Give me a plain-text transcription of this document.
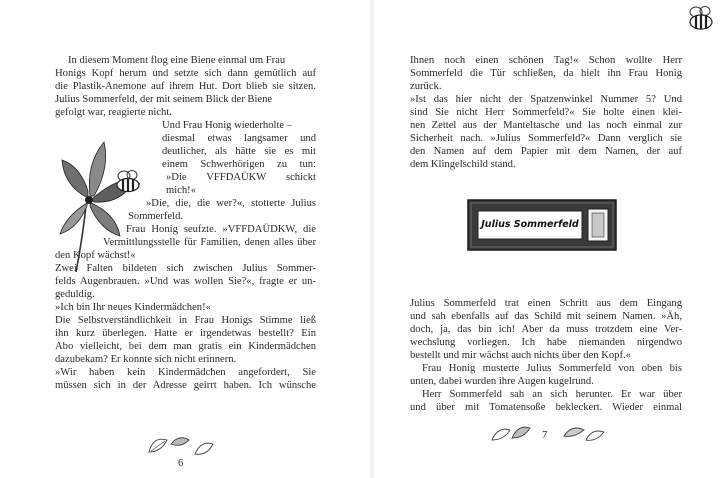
In diesem Moment flog eine Biene einmal um Frau
Honigs Kopf herum und setzte sich dann gemütlich auf
die Plastik-Anemone auf ihrem Hut. Dort blieb sie sitzen.
Julius Sommerfeld, der mit seinem Blick der Biene
gefolgt war, reagierte nicht.
Und Frau Honig wiederholte –
diesmal etwas langsamer und
deutlicher, als hätte sie es mit
einem Schwerhörigen zu tun:
»Die VFFDAÜKW schickt
mich!«
»Die, die, die wer?«, stotterte Julius
Sommerfeld.
Frau Honig seufzte. »VFFDAÜDKW, die
Vermittlungsstelle für Familien, denen alles über
den Kopf wächst!«
Zwei Falten bildeten sich zwischen Julius Sommer-
felds Augenbrauen. »Und was wollen Sie?«, fragte er un-
geduldig.
»Ich bin Ihr neues Kindermädchen!«
Die Selbstverständlichkeit in Frau Honigs Stimme ließ
ihn kurz überlegen. Hatte er irgendetwas bestellt? Ein
Abo vielleicht, bei dem man gratis ein Kindermädchen
dazubekam? Er konnte sich nicht erinnern.
»Wir haben kein Kindermädchen angefordert, Sie
müssen sich in der Adresse geirrt haben. Ich wünsche
6
Ihnen noch einen schönen Tag!« Schon wollte Herr
Sommerfeld die Tür schließen, da hielt ihn Frau Honig
zurück.
»Ist das hier nicht der Spatzenwinkel Nummer 5? Und
sind Sie nicht Herr Sommerfeld?« Sie holte einen klei-
nen Zettel aus der Manteltasche und las noch einmal zur
Sicherheit nach. »Julius Sommerfeld?« Dann verglich sie
den Namen auf dem Papier mit dem Namen, der auf
dem Klingelschild stand.
Julius Sommerfeld
Julius Sommerfeld trat einen Schritt aus dem Eingang
und sah ebenfalls auf das Schild mit seinem Namen. »Äh,
doch, ja, das bin ich! Aber da muss trotzdem eine Ver-
wechslung vorliegen. Ich habe niemanden nirgendwo
bestellt und mir wächst auch nichts über den Kopf.«
Frau Honig musterte Julius Sommerfeld von oben bis
unten, dabei wurden ihre Augen kugelrund.
Herr Sommerfeld sah an sich herunter. Er war über
und über mit Tomatensoße bekleckert. Wieder einmal
7
